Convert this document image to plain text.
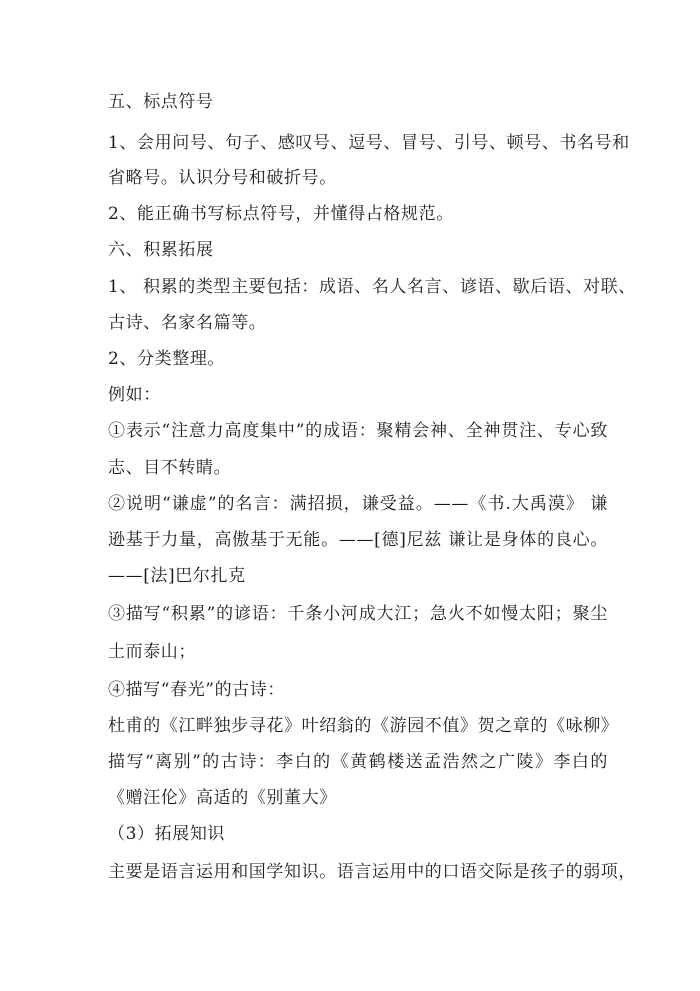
五、标点符号
1、会用问号、句子、感叹号、逗号、冒号、引号、顿号、书名号和
省略号。认识分号和破折号。
2、能正确书写标点符号，并懂得占格规范。
六、积累拓展
1、 积累的类型主要包括：成语、名人名言、谚语、歇后语、对联、
古诗、名家名篇等。
2、分类整理。
例如：
①表示“注意力高度集中”的成语：聚精会神、全神贯注、专心致
志、目不转睛。
②说明“谦虚”的名言：满招损，谦受益。——《书.大禹漠》 谦
逊基于力量，高傲基于无能。——[德]尼兹 谦让是身体的良心。
——[法]巴尔扎克
③描写“积累”的谚语：千条小河成大江；急火不如慢太阳；聚尘
土而泰山；
④描写“春光”的古诗：
杜甫的《江畔独步寻花》叶绍翁的《游园不值》贺之章的《咏柳》
描写“离别”的古诗：李白的《黄鹤楼送孟浩然之广陵》李白的
《赠汪伦》高适的《别董大》
（3）拓展知识
主要是语言运用和国学知识。语言运用中的口语交际是孩子的弱项，
